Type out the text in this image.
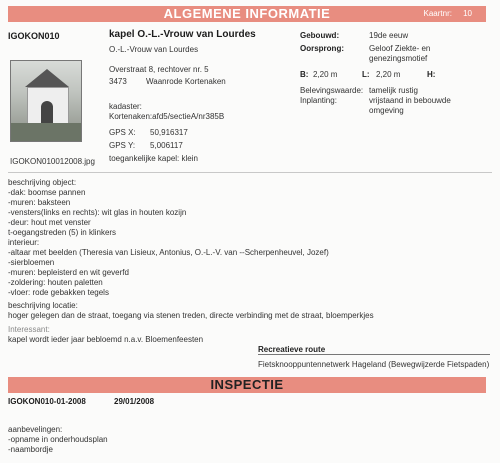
ALGEMENE INFORMATIE	Kaartnr: 10
IGOKON010	kapel O.-L.-Vrouw van Lourdes
O.-L.-Vrouw van Lourdes
Overstraat 8, rechtover nr. 5
3473 Waanrode Kortenaken
kadaster:
Kortenaken:afd5/sectieA/nr385B
GPS X: 50,916317
GPS Y: 5,006117
toegankelijke kapel: klein
IGOKON010012008.jpg
Gebouwd:	19de eeuw
Oorsprong:	Geloof Ziekte- en
genezingsmotief
B: 2,20 m	L: 2,20 m	H:
Belevingswaarde: tamelijk rustig
Inplanting:	vrijstaand in bebouwde
omgeving
beschrijving object:
-dak: boomse pannen
-muren: baksteen
-vensters(links en rechts): wit glas in houten kozijn
-deur: hout met venster
t-oegangstreden (5) in klinkers
interieur:
-altaar met beelden (Theresia van Lisieux, Antonius, O.-L.-V. van --Scherpenheuvel, Jozef)
-sierbloemen
-muren: bepleisterd en wit geverfd
-zoldering: houten paletten
-vloer: rode gebakken tegels
beschrijving locatie:
hoger gelegen dan de straat, toegang via stenen treden, directe verbinding met de straat, bloemperkjes
Interessant:
kapel wordt ieder jaar bebloemd n.a.v. Bloemenfeesten
Recreatieve route
Fietsknooppuntennetwerk Hageland (Bewegwijzerde Fietspaden)
INSPECTIE
IGOKON010-01-2008	29/01/2008
aanbevelingen:
-opname in onderhoudsplan
-naambordje
